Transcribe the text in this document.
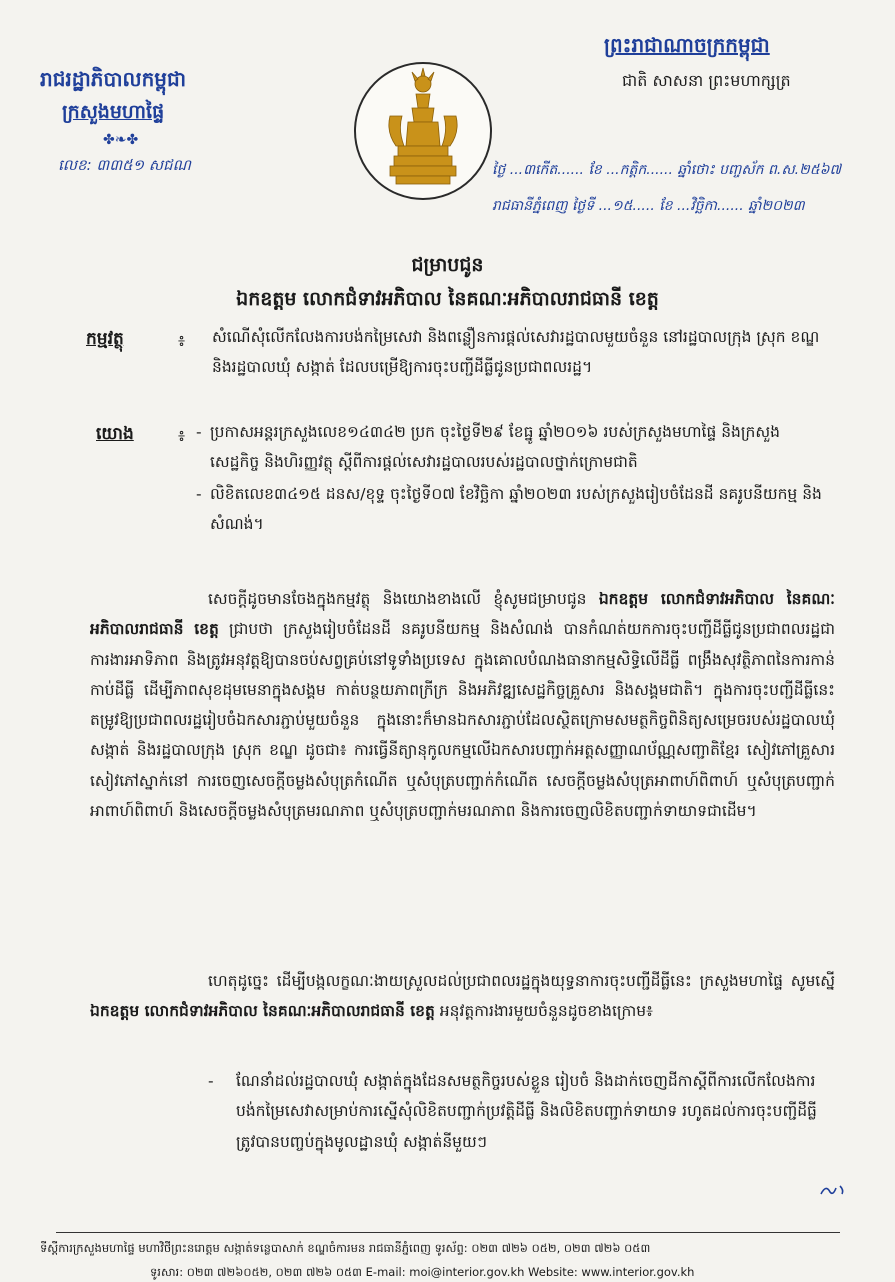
រាជរដ្ឋាភិបាលកម្ពុជា
ក្រសួងមហាផ្ទៃ
✤❧✤
លេខ: ៣៣៥១ សជណ
ព្រះរាជាណាចក្រកម្ពុជា
ជាតិ សាសនា ព្រះមហាក្សត្រ
ថ្ងៃ ...៣កើត...... ខែ ...កត្តិក...... ឆ្នាំថោះ បញ្ចស័ក ព.ស.២៥៦៧
រាជធានីភ្នំពេញ ថ្ងៃទី ...១៥..... ខែ ...វិច្ឆិកា...... ឆ្នាំ២០២៣
ជម្រាបជូន
ឯកឧត្តម លោកជំទាវអភិបាល នៃគណៈអភិបាលរាជធានី ខេត្ត
កម្មវត្ថុ	៖ សំណើសុំលើកលែងការបង់កម្រៃសេវា និងពន្លឿនការផ្ដល់សេវារដ្ឋបាលមួយចំនួន នៅរដ្ឋបាលក្រុង ស្រុក ខណ្ឌ និងរដ្ឋបាលឃុំ សង្កាត់ ដែលបម្រើឱ្យការចុះបញ្ជីដីធ្លីជូនប្រជាពលរដ្ឋ។
យោង	៖
-	ប្រកាសអន្តរក្រសួងលេខ១៤៣៤២ ប្រក ចុះថ្ងៃទី២៩ ខែធ្នូ ឆ្នាំ២០១៦ របស់ក្រសួងមហាផ្ទៃ និងក្រសួងសេដ្ឋកិច្ច និងហិរញ្ញវត្ថុ ស្តីពីការផ្ដល់សេវារដ្ឋបាលរបស់រដ្ឋបាលថ្នាក់ក្រោមជាតិ
- លិខិតលេខ៣៤១៥ ដនស/ខុទ្ទ ចុះថ្ងៃទី០៧ ខែវិច្ឆិកា ឆ្នាំ២០២៣ របស់ក្រសួងរៀបចំដែនដី នគរូបនីយកម្ម និងសំណង់។
សេចក្ដីដូចមានចែងក្នុងកម្មវត្ថុ និងយោងខាងលើ ខ្ញុំសូមជម្រាបជូន ឯកឧត្តម លោកជំទាវអភិបាល នៃគណៈអភិបាលរាជធានី ខេត្ត ជ្រាបថា ក្រសួងរៀបចំដែនដី នគរូបនីយកម្ម និងសំណង់ បានកំណត់យកការចុះបញ្ជីដីធ្លីជូនប្រជាពលរដ្ឋជាការងារអាទិភាព និងត្រូវអនុវត្តឱ្យបានចប់សព្វគ្រប់នៅទូទាំងប្រទេស ក្នុងគោលបំណងធានាកម្មសិទ្ធិលើដីធ្លី ពង្រឹងសុវត្ថិភាពនៃការកាន់កាប់ដីធ្លី ដើម្បីភាពសុខដុមមេនាក្នុងសង្គម កាត់បន្ថយភាពក្រីក្រ និងអភិវឌ្ឍសេដ្ឋកិច្ចគ្រួសារ និងសង្គមជាតិ។ ក្នុងការចុះបញ្ជីដីធ្លីនេះ តម្រូវឱ្យប្រជាពលរដ្ឋរៀបចំឯកសារភ្ជាប់មួយចំនួន ក្នុងនោះក៏មានឯកសារភ្ជាប់ដែលស្ថិតក្រោមសមត្ថកិច្ចពិនិត្យសម្រេចរបស់រដ្ឋបាលឃុំ សង្កាត់ និងរដ្ឋបាលក្រុង ស្រុក ខណ្ឌ ដូចជា៖ ការធ្វើនីត្យានុកូលកម្មលើឯកសារបញ្ជាក់អត្តសញ្ញាណប័ណ្ណសញ្ជាតិខ្មែរ សៀវភៅគ្រួសារ សៀវភៅស្នាក់នៅ ការចេញសេចក្ដីចម្លងសំបុត្រកំណើត ឬសំបុត្របញ្ជាក់កំណើត សេចក្ដីចម្លងសំបុត្រអាពាហ៍ពិពាហ៍ ឬសំបុត្របញ្ជាក់អាពាហ៍ពិពាហ៍ និងសេចក្ដីចម្លងសំបុត្រមរណភាព ឬសំបុត្របញ្ជាក់មរណភាព និងការចេញលិខិតបញ្ជាក់ទាយាទជាដើម។
ហេតុដូច្នេះ ដើម្បីបង្កលក្ខណៈងាយស្រួលដល់ប្រជាពលរដ្ឋក្នុងយុទ្ធនាការចុះបញ្ជីដីធ្លីនេះ ក្រសួងមហាផ្ទៃ សូមស្នើ ឯកឧត្តម លោកជំទាវអភិបាល នៃគណៈអភិបាលរាជធានី ខេត្ត អនុវត្តការងារមួយចំនួនដូចខាងក្រោម៖
- ណែនាំដល់រដ្ឋបាលឃុំ សង្កាត់ក្នុងដែនសមត្ថកិច្ចរបស់ខ្លួន រៀបចំ និងដាក់ចេញដីកាស្ដីពីការលើកលែងការបង់កម្រៃសេវាសម្រាប់ការស្នើសុំលិខិតបញ្ជាក់ប្រវត្តិដីធ្លី និងលិខិតបញ្ជាក់ទាយាទ រហូតដល់ការចុះបញ្ជីដីធ្លីត្រូវបានបញ្ចប់ក្នុងមូលដ្ឋានឃុំ សង្កាត់នីមួយៗ
ទីស្តីការក្រសួងមហាផ្ទៃ មហាវិថីព្រះនរោត្តម សង្កាត់ទន្លេបាសាក់ ខណ្ឌចំការមន រាជធានីភ្នំពេញ ទូរស័ព្ទ: ០២៣ ៧២៦ ០៥២, ០២៣ ៧២៦ ០៥៣
ទូរសារ: ០២៣ ៧២៦០៥២, ០២៣ ៧២៦ ០៥៣ E-mail: moi@interior.gov.kh Website: www.interior.gov.kh
